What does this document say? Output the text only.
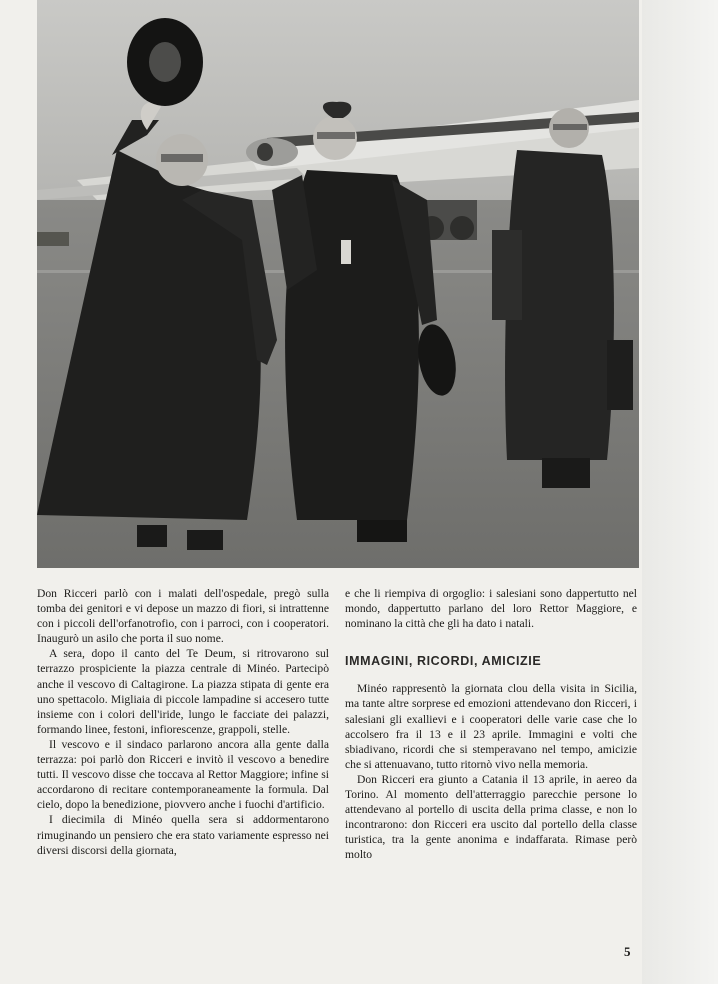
Don Ricceri parlò con i malati dell'ospedale, pregò sulla tomba dei genitori e vi depose un mazzo di fiori, si intrattenne con i piccoli dell'orfanotrofio, con i parroci, con i cooperatori. Inaugurò un asilo che porta il suo nome.

A sera, dopo il canto del Te Deum, si ritrovarono sul terrazzo prospiciente la piazza centrale di Minéo. Partecipò anche il vescovo di Caltagirone. La piazza stipata di gente era uno spettacolo. Migliaia di piccole lampadine si accesero tutte insieme con i colori dell'iride, lungo le facciate dei palazzi, formando linee, festoni, infiorescenze, grappoli, stelle.

Il vescovo e il sindaco parlarono ancora alla gente dalla terrazza: poi parlò don Ricceri e invitò il vescovo a benedire tutti. Il vescovo disse che toccava al Rettor Maggiore; infine si accordarono di recitare contemporaneamente la formula. Dal cielo, dopo la benedizione, piovvero anche i fuochi d'artificio.

I diecimila di Minéo quella sera si addormentarono rimuginando un pensiero che era stato variamente espresso nei diversi discorsi della giornata,

e che li riempiva di orgoglio: i salesiani sono dappertutto nel mondo, dappertutto parlano del loro Rettor Maggiore, e nominano la città che gli ha dato i natali.

IMMAGINI, RICORDI, AMICIZIE

Minéo rappresentò la giornata clou della visita in Sicilia, ma tante altre sorprese ed emozioni attendevano don Ricceri, i salesiani gli exallievi e i cooperatori delle varie case che lo accolsero fra il 13 e il 23 aprile. Immagini e volti che sbiadivano, ricordi che si stemperavano nel tempo, amicizie che si attenuavano, tutto ritornò vivo nella memoria.

Don Ricceri era giunto a Catania il 13 aprile, in aereo da Torino. Al momento dell'atterraggio parecchie persone lo attendevano al portello di uscita della prima classe, e non lo incontrarono: don Ricceri era uscito dal portello della classe turistica, tra la gente anonima e indaffarata. Rimase però molto

5
